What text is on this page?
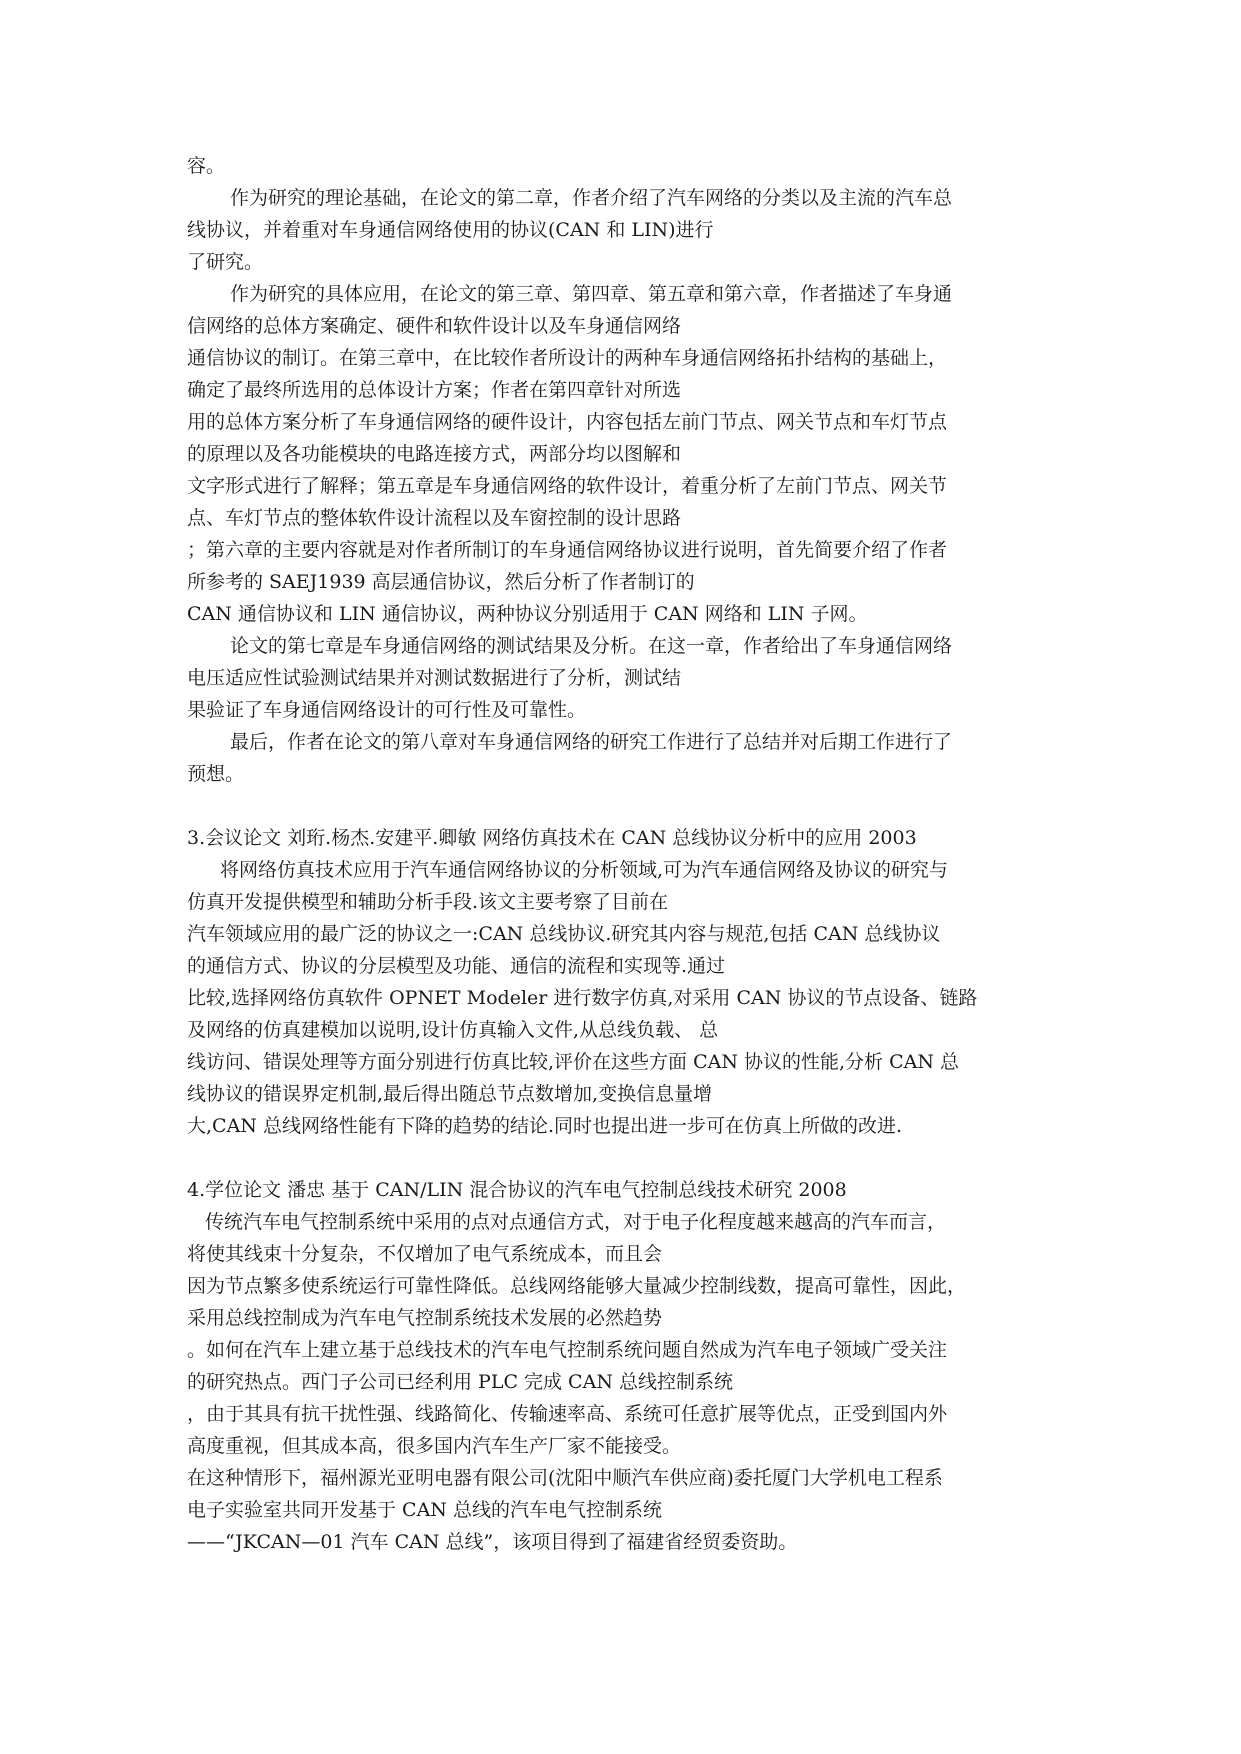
容。
作为研究的理论基础，在论文的第二章，作者介绍了汽车网络的分类以及主流的汽车总
线协议，并着重对车身通信网络使用的协议(CAN 和 LIN)进行
了研究。
作为研究的具体应用，在论文的第三章、第四章、第五章和第六章，作者描述了车身通
信网络的总体方案确定、硬件和软件设计以及车身通信网络
通信协议的制订。在第三章中，在比较作者所设计的两种车身通信网络拓扑结构的基础上，
确定了最终所选用的总体设计方案；作者在第四章针对所选
用的总体方案分析了车身通信网络的硬件设计，内容包括左前门节点、网关节点和车灯节点
的原理以及各功能模块的电路连接方式，两部分均以图解和
文字形式进行了解释；第五章是车身通信网络的软件设计，着重分析了左前门节点、网关节
点、车灯节点的整体软件设计流程以及车窗控制的设计思路
；第六章的主要内容就是对作者所制订的车身通信网络协议进行说明，首先简要介绍了作者
所参考的 SAEJ1939 高层通信协议，然后分析了作者制订的
CAN 通信协议和 LIN 通信协议，两种协议分别适用于 CAN 网络和 LIN 子网。
论文的第七章是车身通信网络的测试结果及分析。在这一章，作者给出了车身通信网络
电压适应性试验测试结果并对测试数据进行了分析，测试结
果验证了车身通信网络设计的可行性及可靠性。
最后，作者在论文的第八章对车身通信网络的研究工作进行了总结并对后期工作进行了
预想。
3.会议论文 刘珩.杨杰.安建平.卿敏 网络仿真技术在 CAN 总线协议分析中的应用 2003
将网络仿真技术应用于汽车通信网络协议的分析领域,可为汽车通信网络及协议的研究与
仿真开发提供模型和辅助分析手段.该文主要考察了目前在
汽车领域应用的最广泛的协议之一:CAN 总线协议.研究其内容与规范,包括 CAN 总线协议
的通信方式、协议的分层模型及功能、通信的流程和实现等.通过
比较,选择网络仿真软件 OPNET Modeler 进行数字仿真,对采用 CAN 协议的节点设备、链路
及网络的仿真建模加以说明,设计仿真输入文件,从总线负载、 总
线访问、错误处理等方面分别进行仿真比较,评价在这些方面 CAN 协议的性能,分析 CAN 总
线协议的错误界定机制,最后得出随总节点数增加,变换信息量增
大,CAN 总线网络性能有下降的趋势的结论.同时也提出进一步可在仿真上所做的改进.
4.学位论文 潘忠 基于 CAN/LIN 混合协议的汽车电气控制总线技术研究 2008
传统汽车电气控制系统中采用的点对点通信方式，对于电子化程度越来越高的汽车而言，
将使其线束十分复杂，不仅增加了电气系统成本，而且会
因为节点繁多使系统运行可靠性降低。总线网络能够大量减少控制线数，提高可靠性，因此，
采用总线控制成为汽车电气控制系统技术发展的必然趋势
。如何在汽车上建立基于总线技术的汽车电气控制系统问题自然成为汽车电子领域广受关注
的研究热点。西门子公司已经利用 PLC 完成 CAN 总线控制系统
，由于其具有抗干扰性强、线路简化、传输速率高、系统可任意扩展等优点，正受到国内外
高度重视，但其成本高，很多国内汽车生产厂家不能接受。
在这种情形下，福州源光亚明电器有限公司(沈阳中顺汽车供应商)委托厦门大学机电工程系
电子实验室共同开发基于 CAN 总线的汽车电气控制系统
——“JKCAN—01 汽车 CAN 总线”，该项目得到了福建省经贸委资助。
